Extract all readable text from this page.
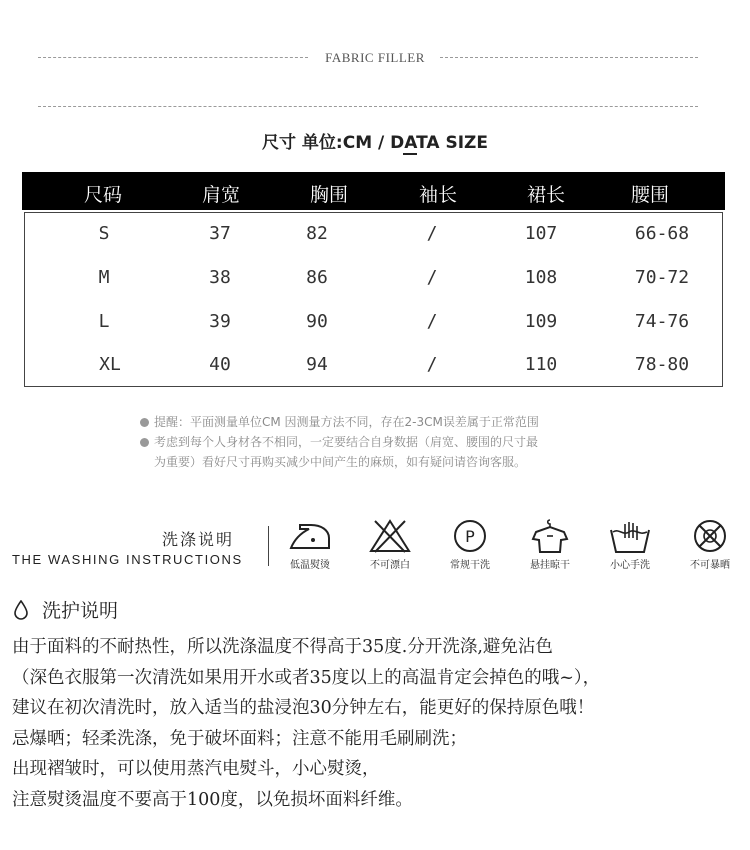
FABRIC FILLER
尺寸 单位:CM / DATA SIZE
尺码	肩宽	胸围	袖长	裙长	腰围
S	37	82	/	107	66-68
M	38	86	/	108	70-72
L	39	90	/	109	74-76
XL	40	94	/	110	78-80
提醒：平面测量单位CM 因测量方法不同，存在2-3CM误差属于正常范围
考虑到每个人身材各不相同，一定要结合自身数据（肩宽、腰围的尺寸最
为重要）看好尺寸再购买减少中间产生的麻烦，如有疑问请咨询客服。
洗涤说明
THE WASHING INSTRUCTIONS	低温熨烫	不可漂白
P
常规干洗	悬挂晾干	小心手洗	不可暴晒
洗护说明
由于面料的不耐热性，所以洗涤温度不得高于35度.分开洗涤,避免沾色
（深色衣服第一次清洗如果用开水或者35度以上的高温肯定会掉色的哦~），
建议在初次清洗时，放入适当的盐浸泡30分钟左右，能更好的保持原色哦！
忌爆晒；轻柔洗涤，免于破坏面料；注意不能用毛刷刷洗；
出现褶皱时，可以使用蒸汽电熨斗，小心熨烫，
注意熨烫温度不要高于100度，以免损坏面料纤维。
